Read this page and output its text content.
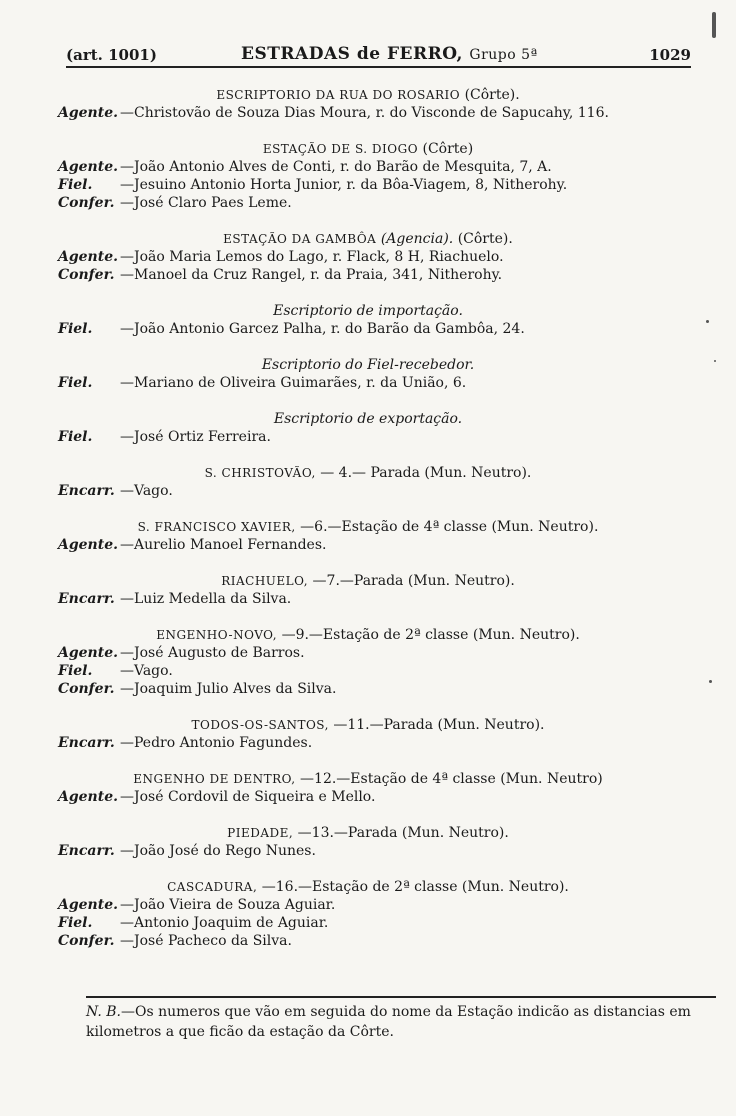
(art. 1001)	ESTRADAS de FERRO, Grupo 5ª	1029
ESCRIPTORIO DA RUA DO ROSARIO (Côrte).
Agente. —Christovão de Souza Dias Moura, r. do Visconde de Sapucahy, 116.
ESTAÇÃO DE S. DIOGO (Côrte)
Agente. —João Antonio Alves de Conti, r. do Barão de Mesquita, 7, A.
Fiel.	—Jesuino Antonio Horta Junior, r. da Bôa-Viagem, 8, Nitherohy.
Confer. —José Claro Paes Leme.
ESTAÇÃO DA GAMBÔA (Agencia). (Côrte).
Agente. —João Maria Lemos do Lago, r. Flack, 8 H, Riachuelo.
Confer. —Manoel da Cruz Rangel, r. da Praia, 341, Nitherohy.
Escriptorio de importação.
Fiel.	—João Antonio Garcez Palha, r. do Barão da Gambôa, 24.
Escriptorio do Fiel-recebedor.
Fiel.	—Mariano de Oliveira Guimarães, r. da União, 6.
Escriptorio de exportação.
Fiel.	—José Ortiz Ferreira.
S. CHRISTOVÃO, — 4.— Parada (Mun. Neutro).
Encarr. —Vago.
S. FRANCISCO XAVIER, —6.—Estação de 4ª classe (Mun. Neutro).
Agente. —Aurelio Manoel Fernandes.
RIACHUELO, —7.—Parada (Mun. Neutro).
Encarr. —Luiz Medella da Silva.
ENGENHO-NOVO, —9.—Estação de 2ª classe (Mun. Neutro).
Agente. —José Augusto de Barros.
Fiel.	—Vago.
Confer. —Joaquim Julio Alves da Silva.
TODOS-OS-SANTOS, —11.—Parada (Mun. Neutro).
Encarr. —Pedro Antonio Fagundes.
ENGENHO DE DENTRO, —12.—Estação de 4ª classe (Mun. Neutro)
Agente. —José Cordovil de Siqueira e Mello.
PIEDADE, —13.—Parada (Mun. Neutro).
Encarr. —João José do Rego Nunes.
CASCADURA, —16.—Estação de 2ª classe (Mun. Neutro).
Agente. —João Vieira de Souza Aguiar.
Fiel.	—Antonio Joaquim de Aguiar.
Confer. —José Pacheco da Silva.
N. B.—Os numeros que vão em seguida do nome da Estação indicão as distancias em kilometros a que ficão da estação da Côrte.
